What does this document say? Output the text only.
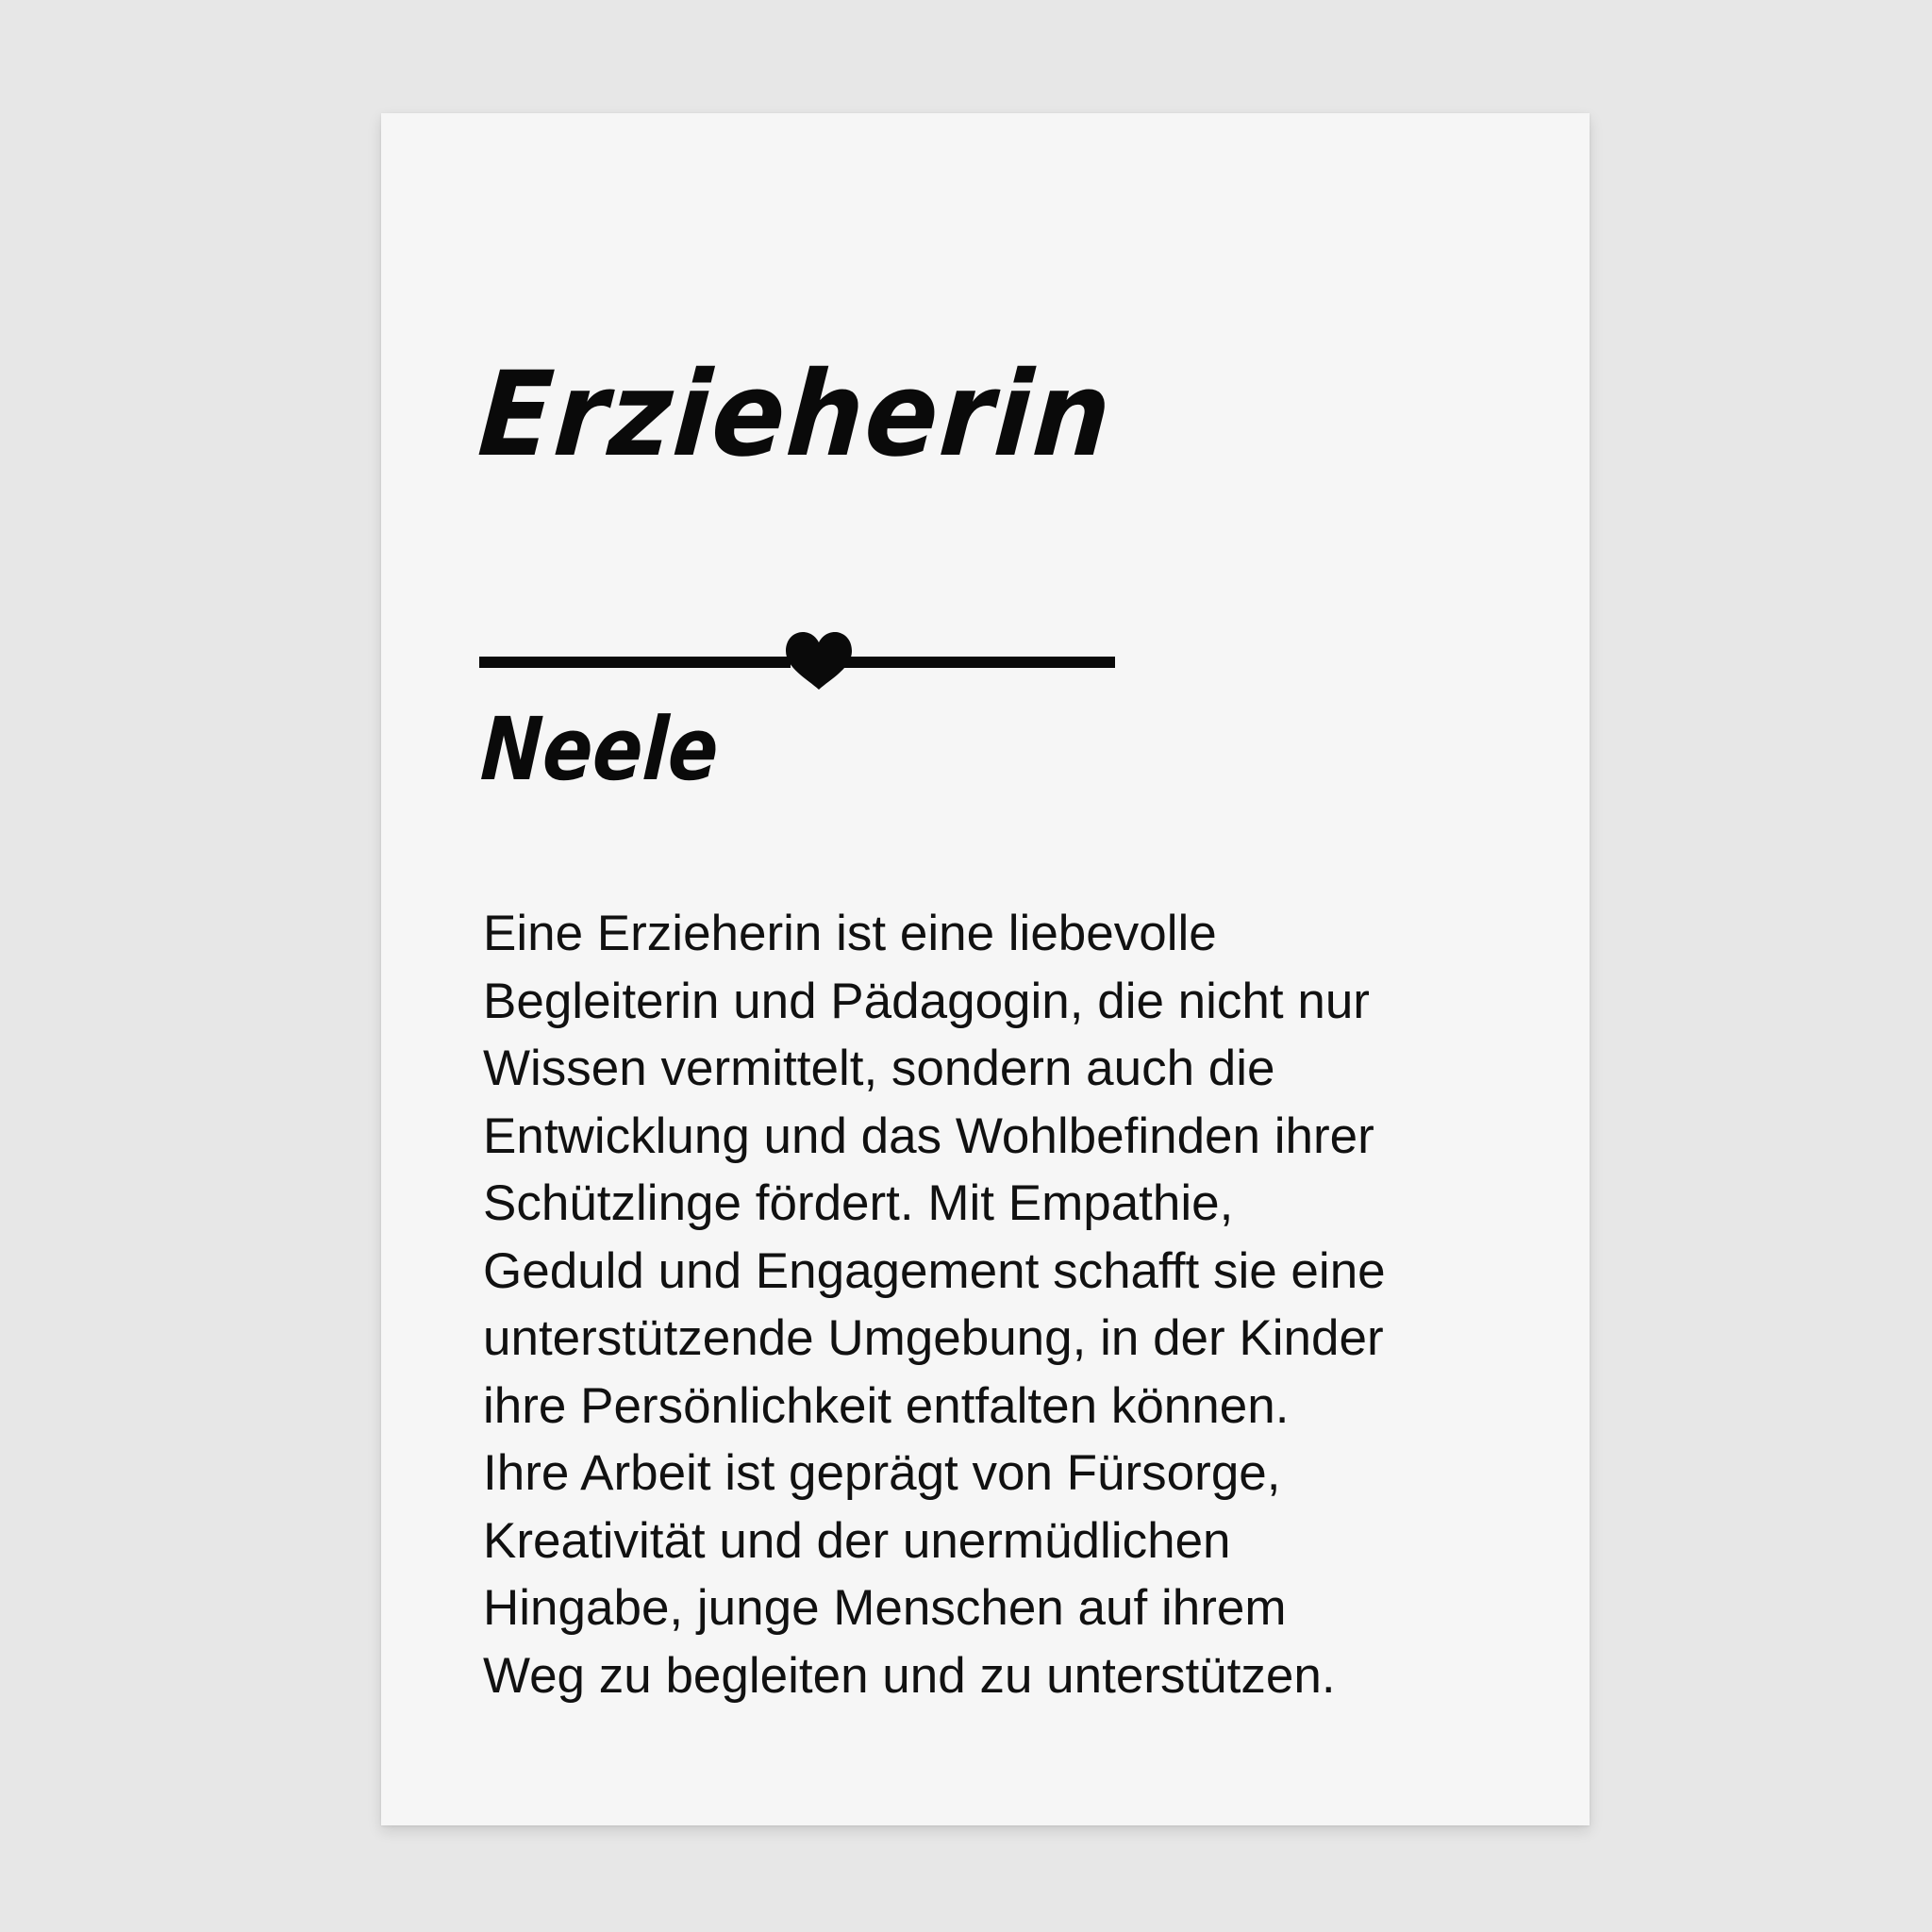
Erzieherin
Neele
Eine Erzieherin ist eine liebevolle
Begleiterin und Pädagogin, die nicht nur
Wissen vermittelt, sondern auch die
Entwicklung und das Wohlbefinden ihrer
Schützlinge fördert. Mit Empathie,
Geduld und Engagement schafft sie eine
unterstützende Umgebung, in der Kinder
ihre Persönlichkeit entfalten können.
Ihre Arbeit ist geprägt von Fürsorge,
Kreativität und der unermüdlichen
Hingabe, junge Menschen auf ihrem
Weg zu begleiten und zu unterstützen.
